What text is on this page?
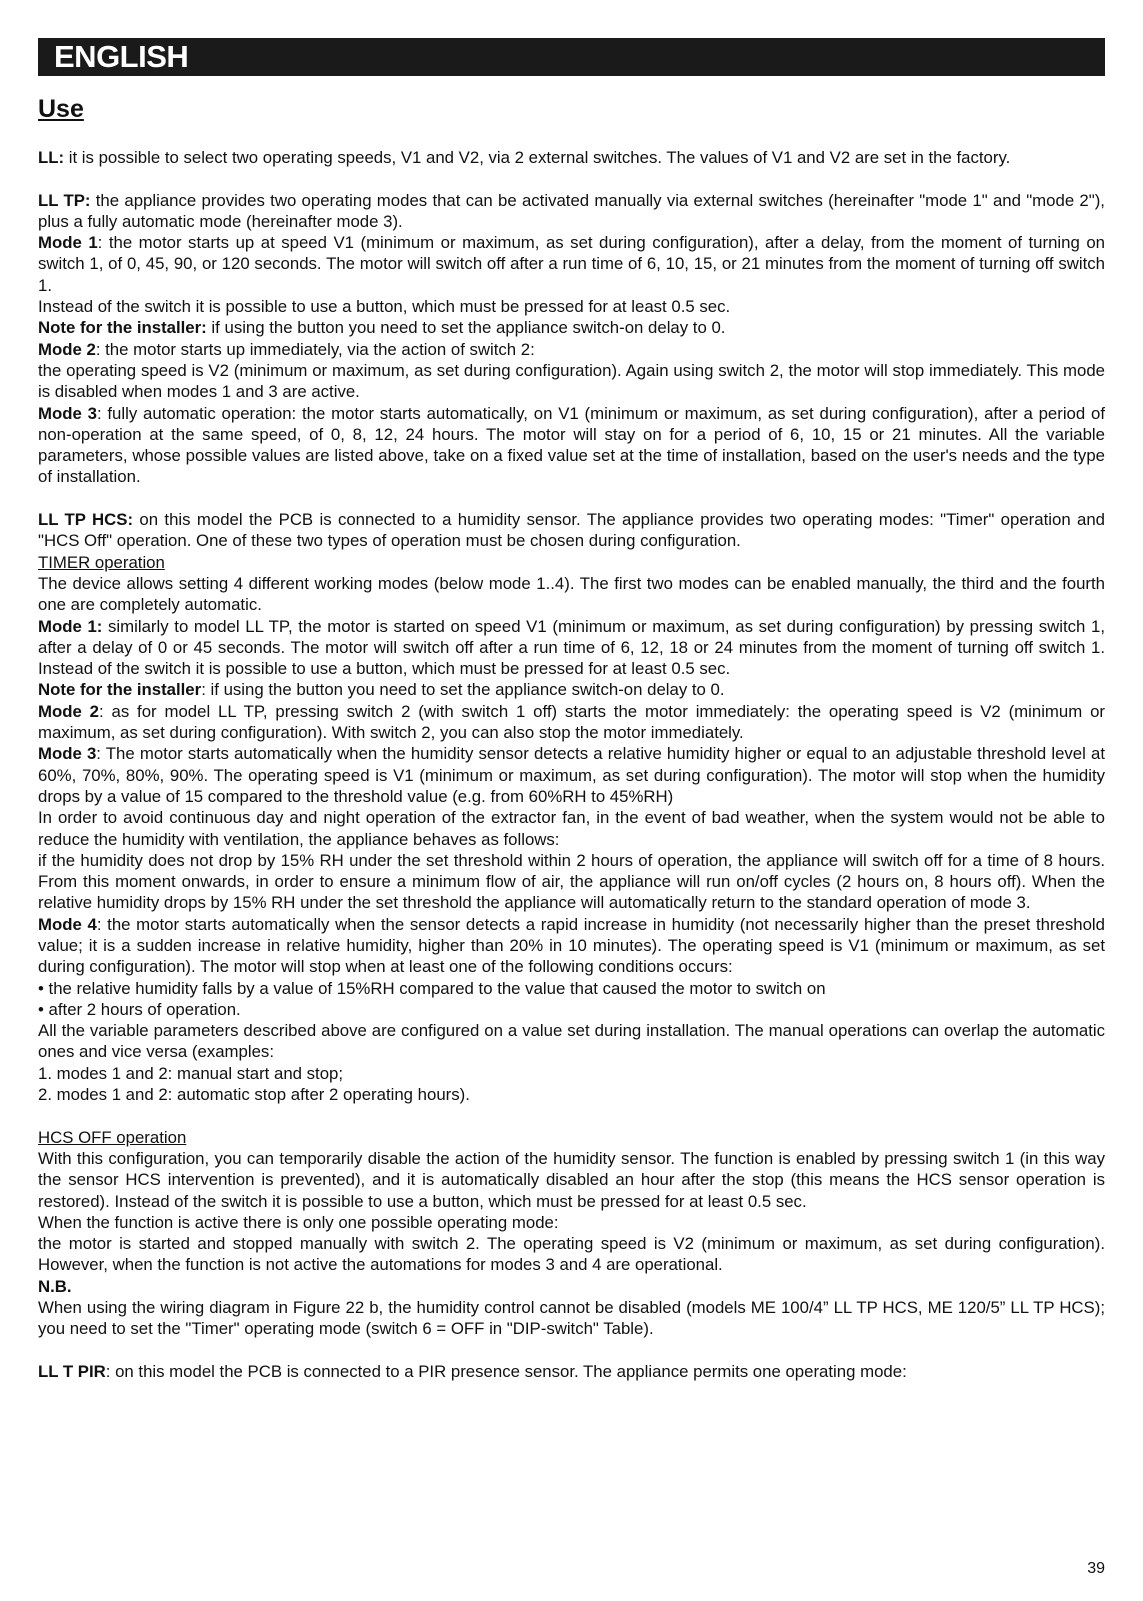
ENGLISH
Use

LL: it is possible to select two operating speeds, V1 and V2, via 2 external switches. The values of V1 and V2 are set in the factory.

LL TP: the appliance provides two operating modes that can be activated manually via external switches (hereinafter "mode 1" and "mode 2"), plus a fully automatic mode (hereinafter mode 3).

Mode 1: the motor starts up at speed V1 (minimum or maximum, as set during configuration), after a delay, from the moment of turning on switch 1, of 0, 45, 90, or 120 seconds. The motor will switch off after a run time of 6, 10, 15, or 21 minutes from the moment of turning off switch 1.

Instead of the switch it is possible to use a button, which must be pressed for at least 0.5 sec.

Note for the installer: if using the button you need to set the appliance switch-on delay to 0.

Mode 2: the motor starts up immediately, via the action of switch 2:

the operating speed is V2 (minimum or maximum, as set during configuration). Again using switch 2, the motor will stop immediately. This mode is disabled when modes 1 and 3 are active.

Mode 3: fully automatic operation: the motor starts automatically, on V1 (minimum or maximum, as set during configuration), after a period of non-operation at the same speed, of 0, 8, 12, 24 hours. The motor will stay on for a period of 6, 10, 15 or 21 minutes. All the variable parameters, whose possible values are listed above, take on a fixed value set at the time of installation, based on the user's needs and the type of installation.

LL TP HCS: on this model the PCB is connected to a humidity sensor. The appliance provides two operating modes: "Timer" operation and "HCS Off" operation. One of these two types of operation must be chosen during configuration.

TIMER operation

The device allows setting 4 different working modes (below mode 1..4). The first two modes can be enabled manually, the third and the fourth one are completely automatic.

Mode 1: similarly to model LL TP, the motor is started on speed V1 (minimum or maximum, as set during configuration) by pressing switch 1, after a delay of 0 or 45 seconds. The motor will switch off after a run time of 6, 12, 18 or 24 minutes from the moment of turning off switch 1. Instead of the switch it is possible to use a button, which must be pressed for at least 0.5 sec.

Note for the installer: if using the button you need to set the appliance switch-on delay to 0.

Mode 2: as for model LL TP, pressing switch 2 (with switch 1 off) starts the motor immediately: the operating speed is V2 (minimum or maximum, as set during configuration). With switch 2, you can also stop the motor immediately.

Mode 3: The motor starts automatically when the humidity sensor detects a relative humidity higher or equal to an adjustable threshold level at 60%, 70%, 80%, 90%. The operating speed is V1 (minimum or maximum, as set during configuration). The motor will stop when the humidity drops by a value of 15 compared to the threshold value (e.g. from 60%RH to 45%RH)

In order to avoid continuous day and night operation of the extractor fan, in the event of bad weather, when the system would not be able to reduce the humidity with ventilation, the appliance behaves as follows:

if the humidity does not drop by 15% RH under the set threshold within 2 hours of operation, the appliance will switch off for a time of 8 hours. From this moment onwards, in order to ensure a minimum flow of air, the appliance will run on/off cycles (2 hours on, 8 hours off). When the relative humidity drops by 15% RH under the set threshold the appliance will automatically return to the standard operation of mode 3.

Mode 4: the motor starts automatically when the sensor detects a rapid increase in humidity (not necessarily higher than the preset threshold value; it is a sudden increase in relative humidity, higher than 20% in 10 minutes). The operating speed is V1 (minimum or maximum, as set during configuration). The motor will stop when at least one of the following conditions occurs:

• the relative humidity falls by a value of 15%RH compared to the value that caused the motor to switch on

• after 2 hours of operation.

All the variable parameters described above are configured on a value set during installation. The manual operations can overlap the automatic ones and vice versa (examples:

1. modes 1 and 2: manual start and stop;

2. modes 1 and 2: automatic stop after 2 operating hours).

HCS OFF operation

With this configuration, you can temporarily disable the action of the humidity sensor. The function is enabled by pressing switch 1 (in this way the sensor HCS intervention is prevented), and it is automatically disabled an hour after the stop (this means the HCS sensor operation is restored). Instead of the switch it is possible to use a button, which must be pressed for at least 0.5 sec.

When the function is active there is only one possible operating mode:

the motor is started and stopped manually with switch 2. The operating speed is V2 (minimum or maximum, as set during configuration). However, when the function is not active the automations for modes 3 and 4 are operational.

N.B.

When using the wiring diagram in Figure 22 b, the humidity control cannot be disabled (models ME 100/4” LL TP HCS, ME 120/5” LL TP HCS); you need to set the "Timer" operating mode (switch 6 = OFF in "DIP-switch" Table).

LL T PIR: on this model the PCB is connected to a PIR presence sensor. The appliance permits one operating mode:

39
